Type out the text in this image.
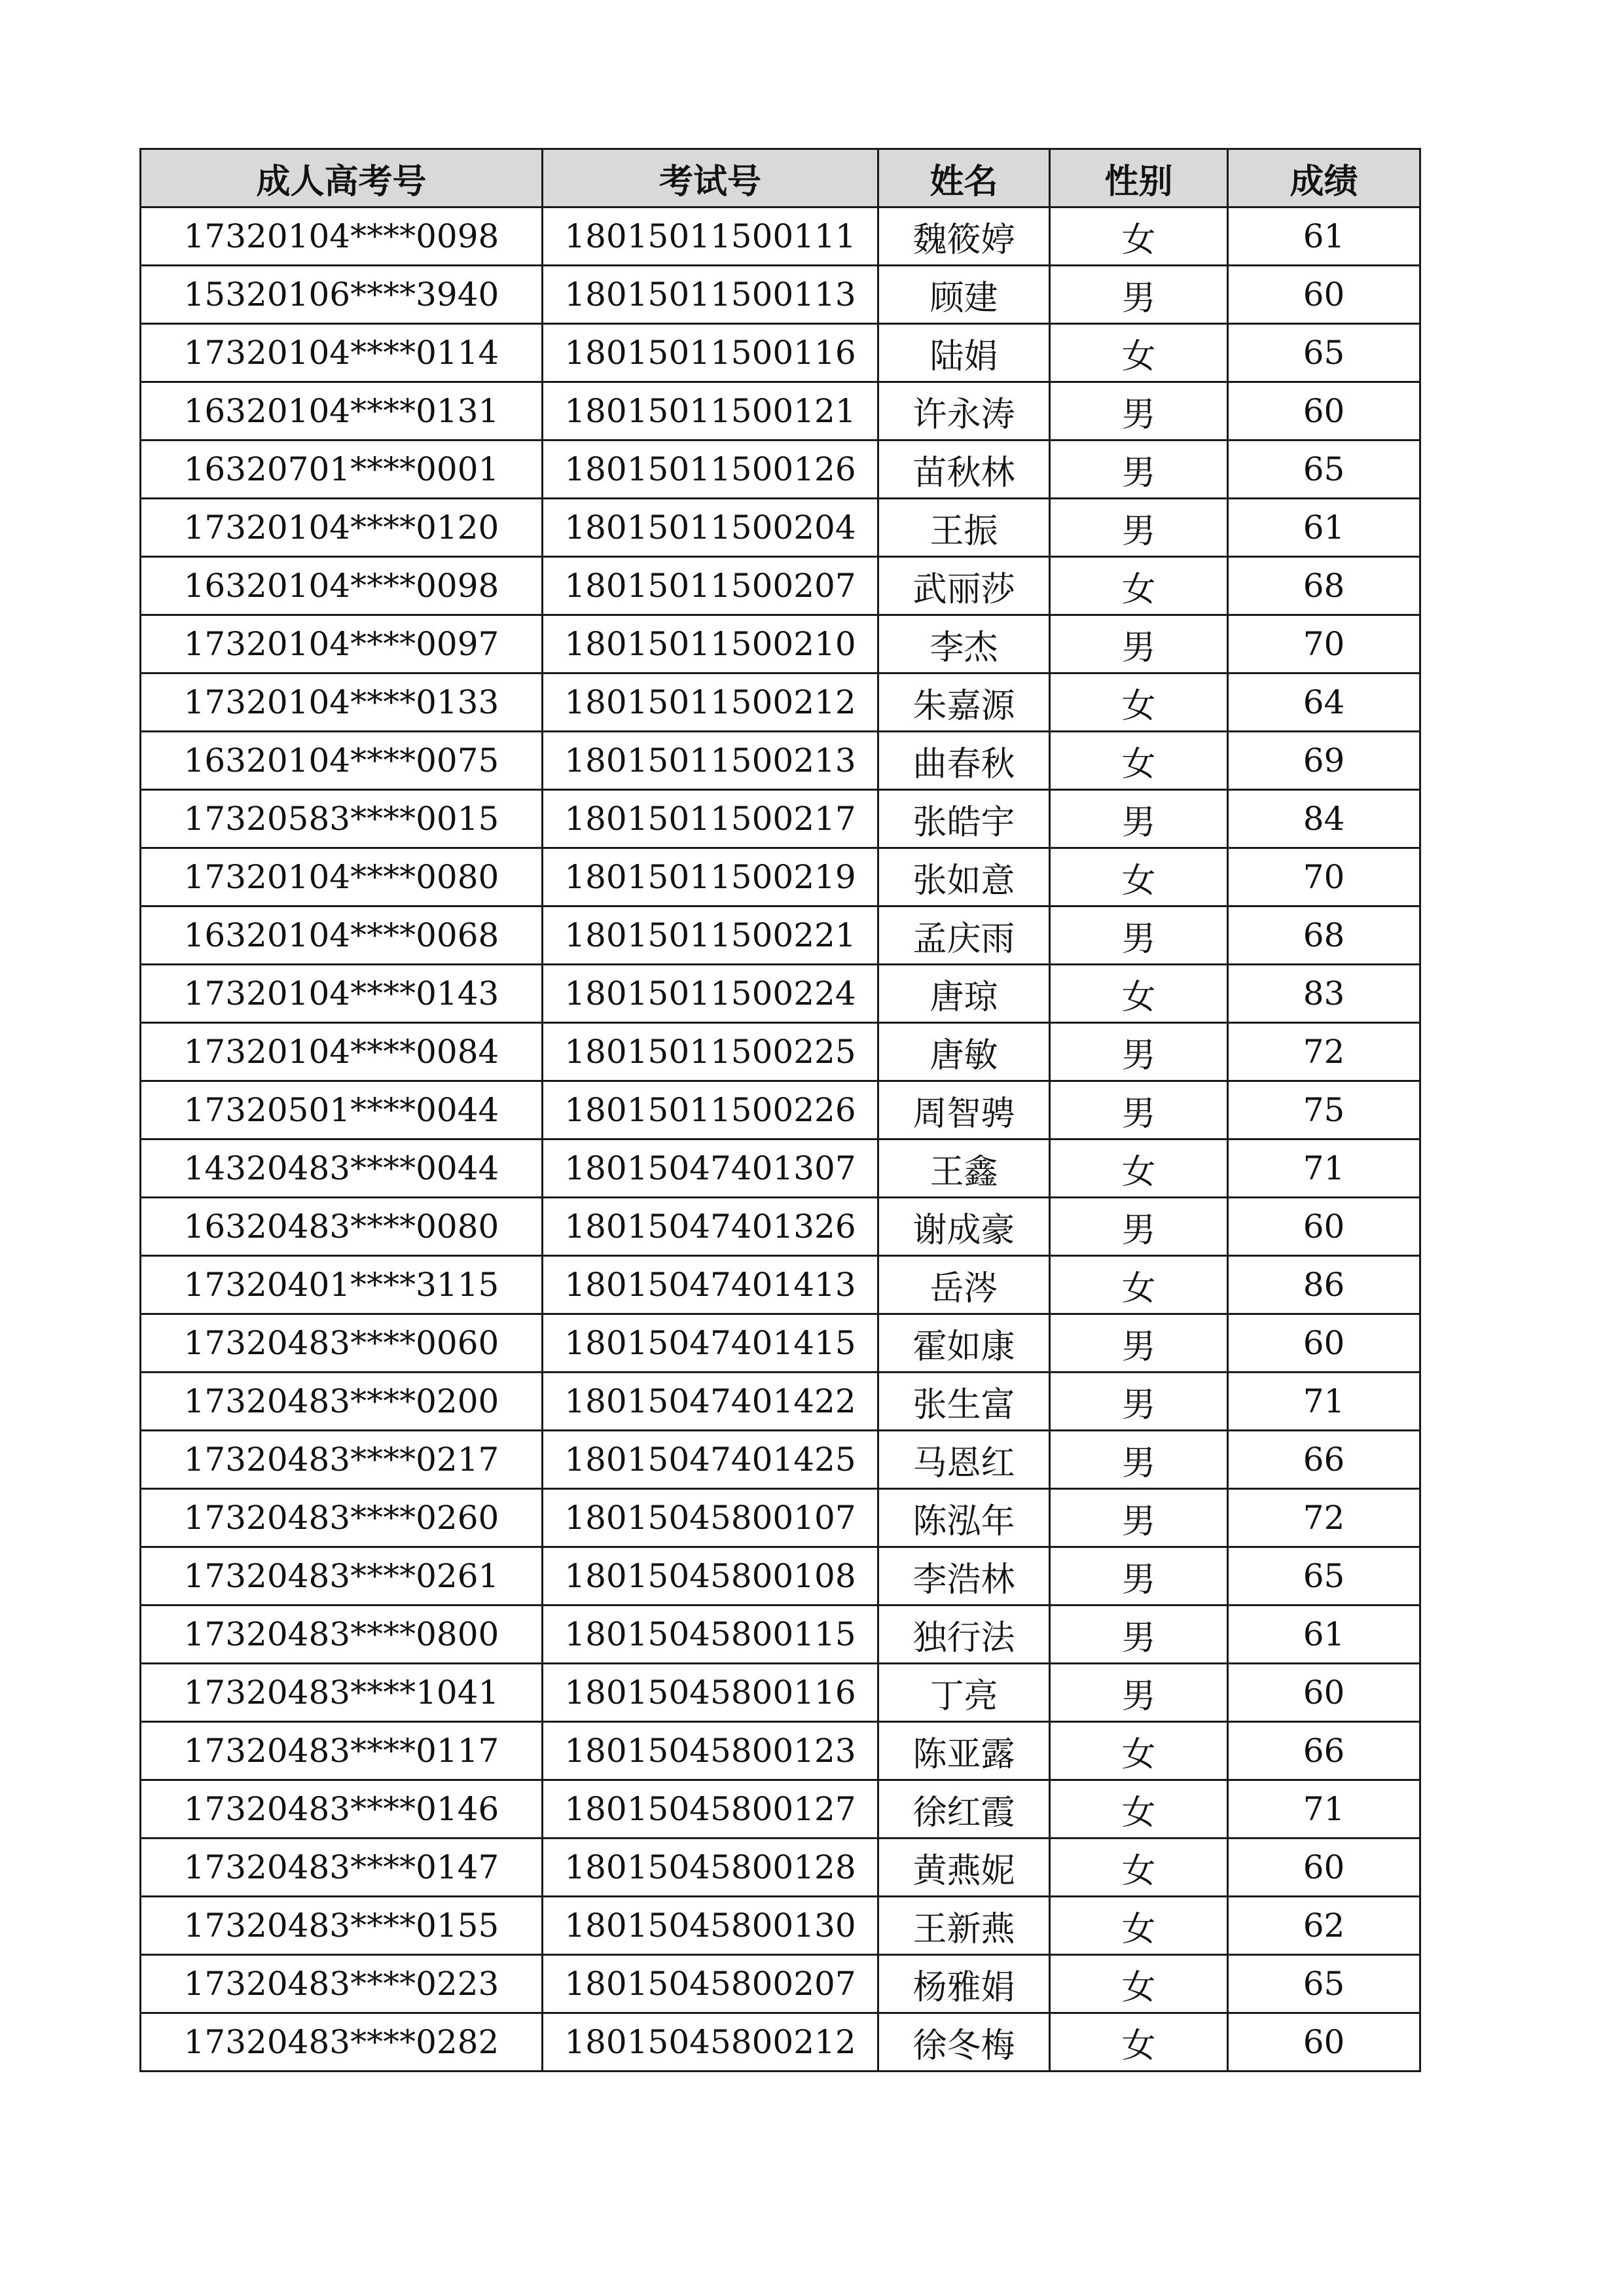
成人高考号	考试号	姓名	性别	成绩
17320104****0098	18015011500111	魏筱婷	女	61
15320106****3940	18015011500113	顾建	男	60
17320104****0114	18015011500116	陆娟	女	65
16320104****0131	18015011500121	许永涛	男	60
16320701****0001	18015011500126	苗秋林	男	65
17320104****0120	18015011500204	王振	男	61
16320104****0098	18015011500207	武丽莎	女	68
17320104****0097	18015011500210	李杰	男	70
17320104****0133	18015011500212	朱嘉源	女	64
16320104****0075	18015011500213	曲春秋	女	69
17320583****0015	18015011500217	张皓宇	男	84
17320104****0080	18015011500219	张如意	女	70
16320104****0068	18015011500221	孟庆雨	男	68
17320104****0143	18015011500224	唐琼	女	83
17320104****0084	18015011500225	唐敏	男	72
17320501****0044	18015011500226	周智骋	男	75
14320483****0044	18015047401307	王鑫	女	71
16320483****0080	18015047401326	谢成豪	男	60
17320401****3115	18015047401413	岳涔	女	86
17320483****0060	18015047401415	霍如康	男	60
17320483****0200	18015047401422	张生富	男	71
17320483****0217	18015047401425	马恩红	男	66
17320483****0260	18015045800107	陈泓年	男	72
17320483****0261	18015045800108	李浩林	男	65
17320483****0800	18015045800115	独行法	男	61
17320483****1041	18015045800116	丁亮	男	60
17320483****0117	18015045800123	陈亚露	女	66
17320483****0146	18015045800127	徐红霞	女	71
17320483****0147	18015045800128	黄燕妮	女	60
17320483****0155	18015045800130	王新燕	女	62
17320483****0223	18015045800207	杨雅娟	女	65
17320483****0282	18015045800212	徐冬梅	女	60
